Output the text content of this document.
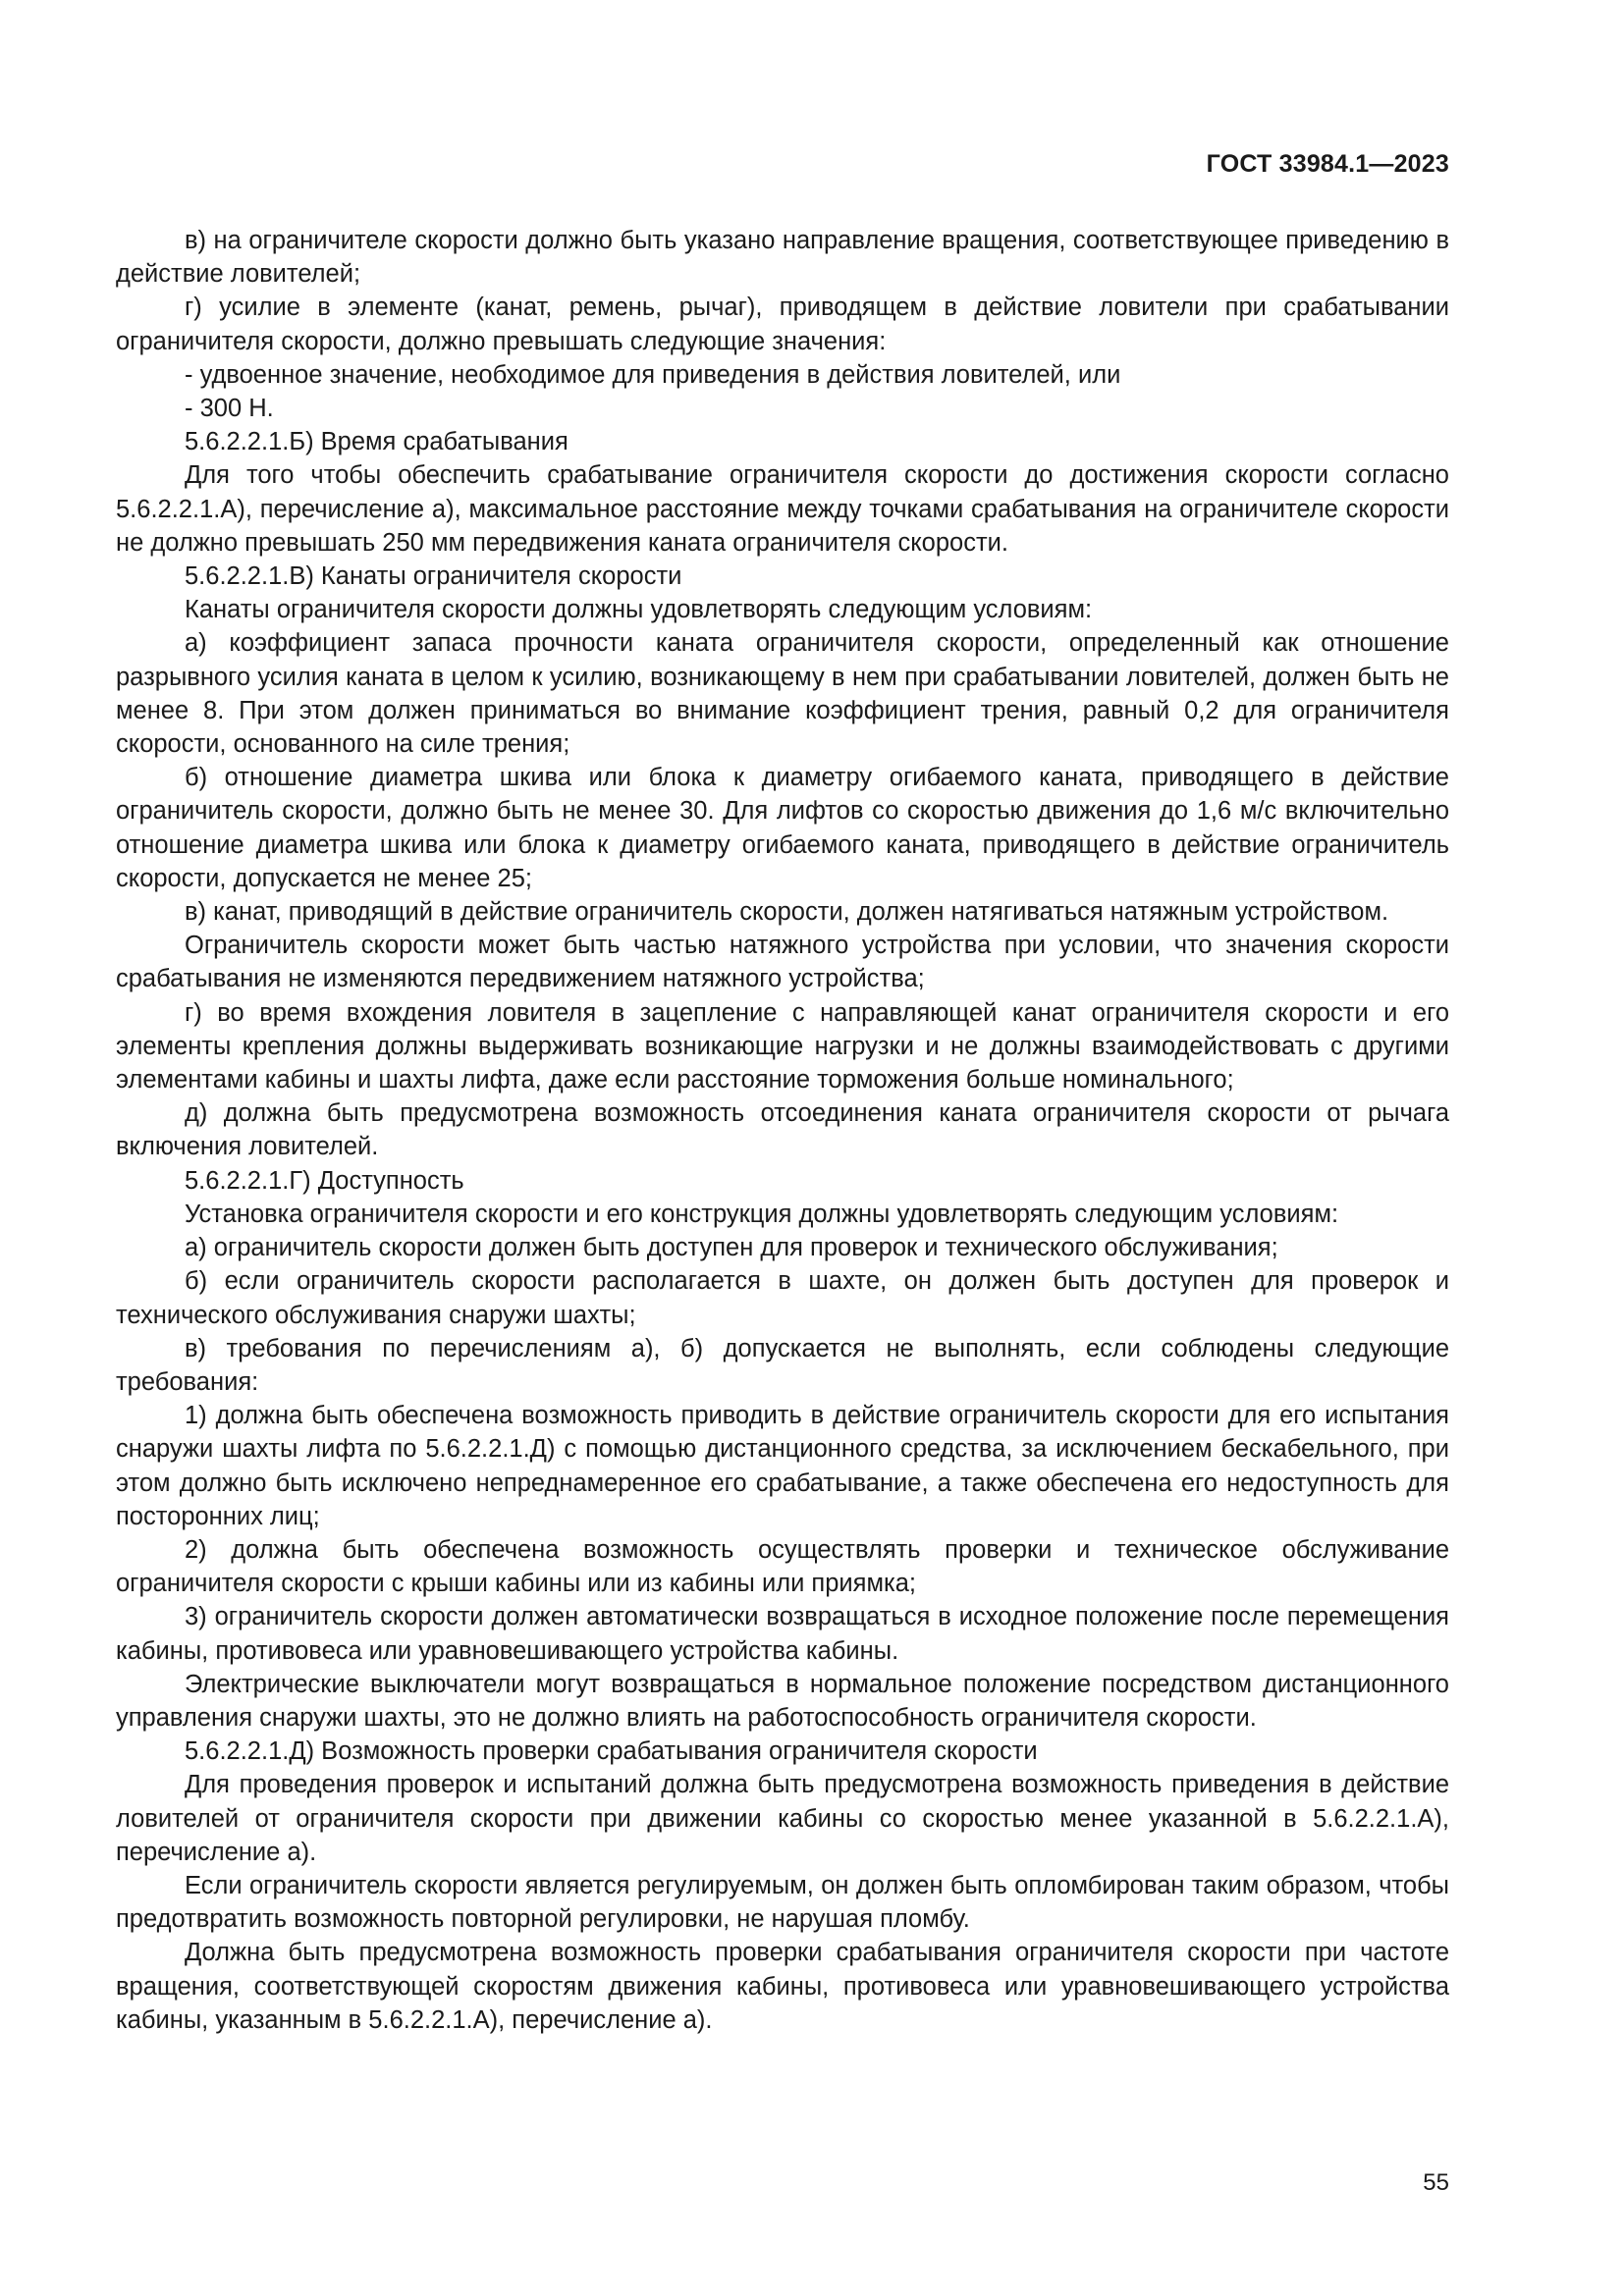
ГОСТ 33984.1—2023

в) на ограничителе скорости должно быть указано направление вращения, соответствующее приведению в действие ловителей;

г) усилие в элементе (канат, ремень, рычаг), приводящем в действие ловители при срабатывании ограничителя скорости, должно превышать следующие значения:

- удвоенное значение, необходимое для приведения в действия ловителей, или

- 300 Н.

5.6.2.2.1.Б) Время срабатывания

Для того чтобы обеспечить срабатывание ограничителя скорости до достижения скорости согласно 5.6.2.2.1.А), перечисление а), максимальное расстояние между точками срабатывания на ограничителе скорости не должно превышать 250 мм передвижения каната ограничителя скорости.

5.6.2.2.1.В) Канаты ограничителя скорости

Канаты ограничителя скорости должны удовлетворять следующим условиям:

а) коэффициент запаса прочности каната ограничителя скорости, определенный как отношение разрывного усилия каната в целом к усилию, возникающему в нем при срабатывании ловителей, должен быть не менее 8. При этом должен приниматься во внимание коэффициент трения, равный 0,2 для ограничителя скорости, основанного на силе трения;

б) отношение диаметра шкива или блока к диаметру огибаемого каната, приводящего в действие ограничитель скорости, должно быть не менее 30. Для лифтов со скоростью движения до 1,6 м/с включительно отношение диаметра шкива или блока к диаметру огибаемого каната, приводящего в действие ограничитель скорости, допускается не менее 25;

в) канат, приводящий в действие ограничитель скорости, должен натягиваться натяжным устройством.

Ограничитель скорости может быть частью натяжного устройства при условии, что значения скорости срабатывания не изменяются передвижением натяжного устройства;

г) во время вхождения ловителя в зацепление с направляющей канат ограничителя скорости и его элементы крепления должны выдерживать возникающие нагрузки и не должны взаимодействовать с другими элементами кабины и шахты лифта, даже если расстояние торможения больше номинального;

д) должна быть предусмотрена возможность отсоединения каната ограничителя скорости от рычага включения ловителей.

5.6.2.2.1.Г) Доступность

Установка ограничителя скорости и его конструкция должны удовлетворять следующим условиям:

а) ограничитель скорости должен быть доступен для проверок и технического обслуживания;

б) если ограничитель скорости располагается в шахте, он должен быть доступен для проверок и технического обслуживания снаружи шахты;

в) требования по перечислениям а), б) допускается не выполнять, если соблюдены следующие требования:

1) должна быть обеспечена возможность приводить в действие ограничитель скорости для его испытания снаружи шахты лифта по 5.6.2.2.1.Д) с помощью дистанционного средства, за исключением бескабельного, при этом должно быть исключено непреднамеренное его срабатывание, а также обеспечена его недоступность для посторонних лиц;

2) должна быть обеспечена возможность осуществлять проверки и техническое обслуживание ограничителя скорости с крыши кабины или из кабины или приямка;

3) ограничитель скорости должен автоматически возвращаться в исходное положение после перемещения кабины, противовеса или уравновешивающего устройства кабины.

Электрические выключатели могут возвращаться в нормальное положение посредством дистанционного управления снаружи шахты, это не должно влиять на работоспособность ограничителя скорости.

5.6.2.2.1.Д) Возможность проверки срабатывания ограничителя скорости

Для проведения проверок и испытаний должна быть предусмотрена возможность приведения в действие ловителей от ограничителя скорости при движении кабины со скоростью менее указанной в 5.6.2.2.1.А), перечисление а).

Если ограничитель скорости является регулируемым, он должен быть опломбирован таким образом, чтобы предотвратить возможность повторной регулировки, не нарушая пломбу.

Должна быть предусмотрена возможность проверки срабатывания ограничителя скорости при частоте вращения, соответствующей скоростям движения кабины, противовеса или уравновешивающего устройства кабины, указанным в 5.6.2.2.1.А), перечисление а).

55
